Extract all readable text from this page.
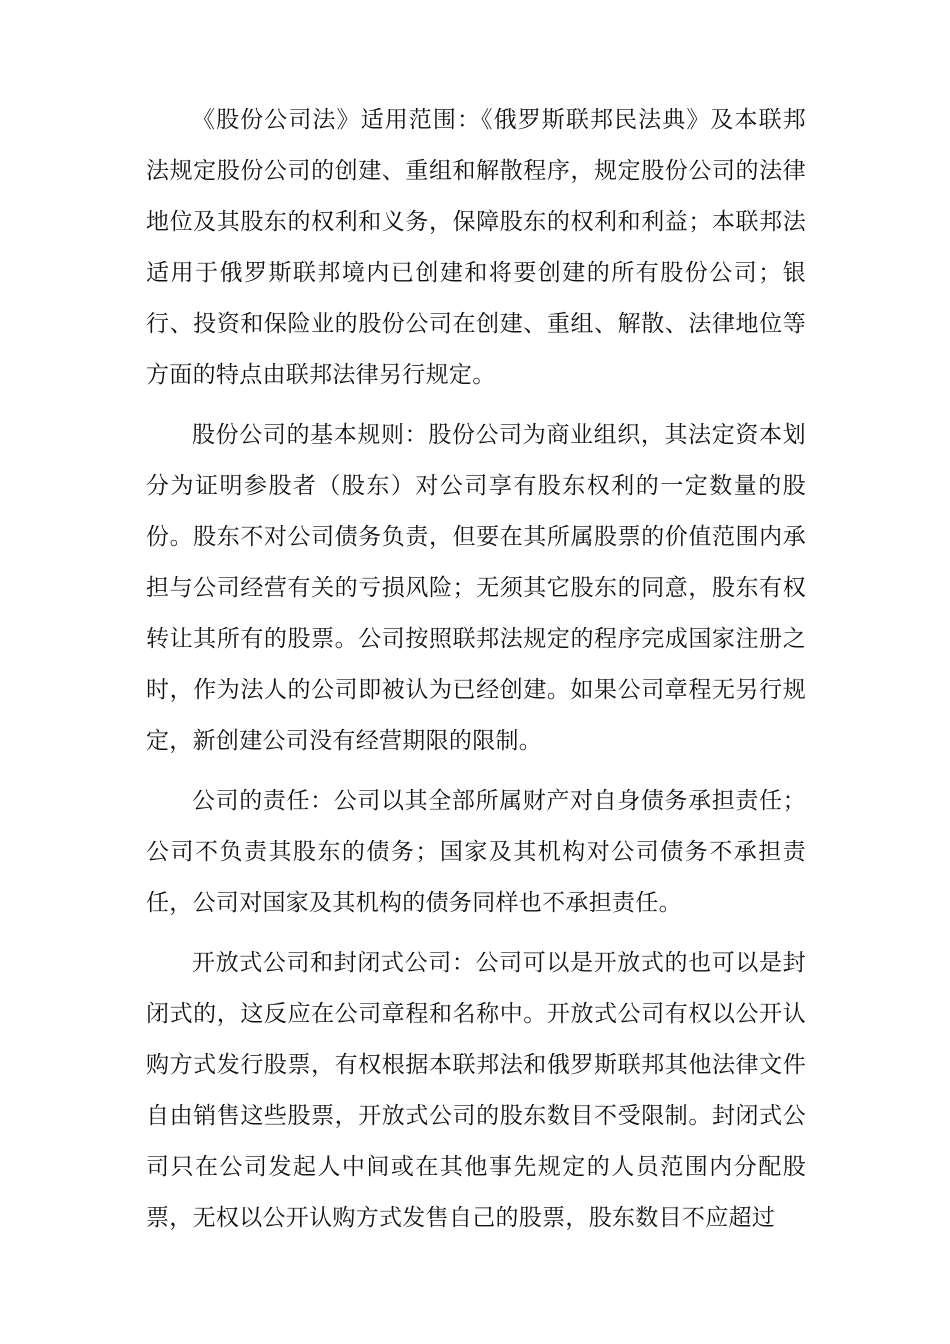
《股份公司法》适用范围：《俄罗斯联邦民法典》及本联邦法规定股份公司的创建、重组和解散程序，规定股份公司的法律地位及其股东的权利和义务，保障股东的权利和利益；本联邦法适用于俄罗斯联邦境内已创建和将要创建的所有股份公司；银行、投资和保险业的股份公司在创建、重组、解散、法律地位等方面的特点由联邦法律另行规定。

股份公司的基本规则：股份公司为商业组织，其法定资本划分为证明参股者（股东）对公司享有股东权利的一定数量的股份。股东不对公司债务负责，但要在其所属股票的价值范围内承担与公司经营有关的亏损风险；无须其它股东的同意，股东有权转让其所有的股票。公司按照联邦法规定的程序完成国家注册之时，作为法人的公司即被认为已经创建。如果公司章程无另行规定，新创建公司没有经营期限的限制。

公司的责任：公司以其全部所属财产对自身债务承担责任；公司不负责其股东的债务；国家及其机构对公司债务不承担责任，公司对国家及其机构的债务同样也不承担责任。

开放式公司和封闭式公司：公司可以是开放式的也可以是封闭式的，这反应在公司章程和名称中。开放式公司有权以公开认购方式发行股票，有权根据本联邦法和俄罗斯联邦其他法律文件自由销售这些股票，开放式公司的股东数目不受限制。封闭式公司只在公司发起人中间或在其他事先规定的人员范围内分配股票，无权以公开认购方式发售自己的股票，股东数目不应超过
